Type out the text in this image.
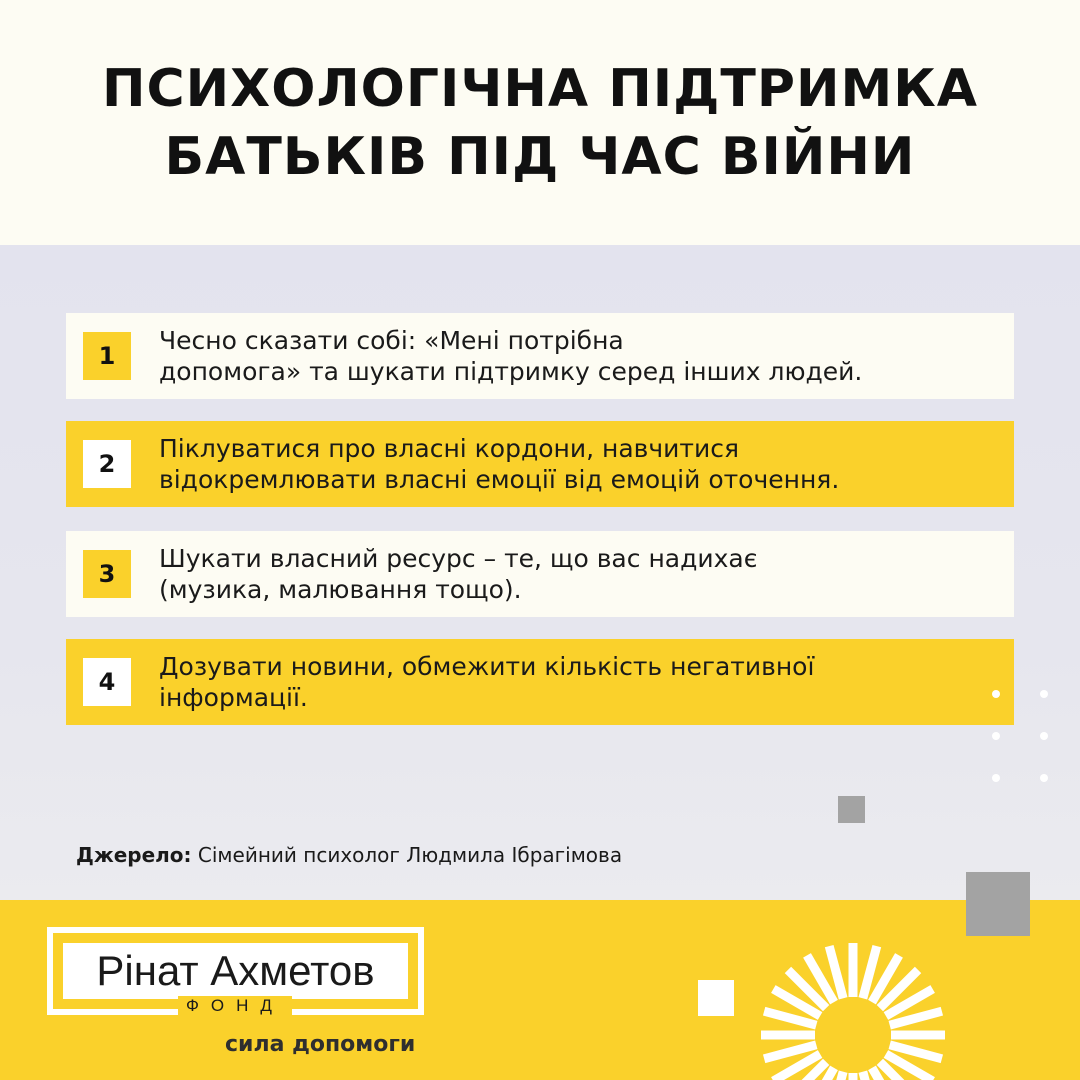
ПСИХОЛОГІЧНА ПІДТРИМКА
БАТЬКІВ ПІД ЧАС ВІЙНИ
1
Чесно сказати собі: «Мені потрібна
допомога» та шукати підтримку серед інших людей.
2
Піклуватися про власні кордони, навчитися
відокремлювати власні емоції від емоцій оточення.
3
Шукати власний ресурс – те, що вас надихає
(музика, малювання тощо).
4
Дозувати новини, обмежити кількість негативної
інформації.
Джерело: Сімейний психолог Людмила Ібрагімова
Рінат Ахметов
ФОНД
сила допомоги
